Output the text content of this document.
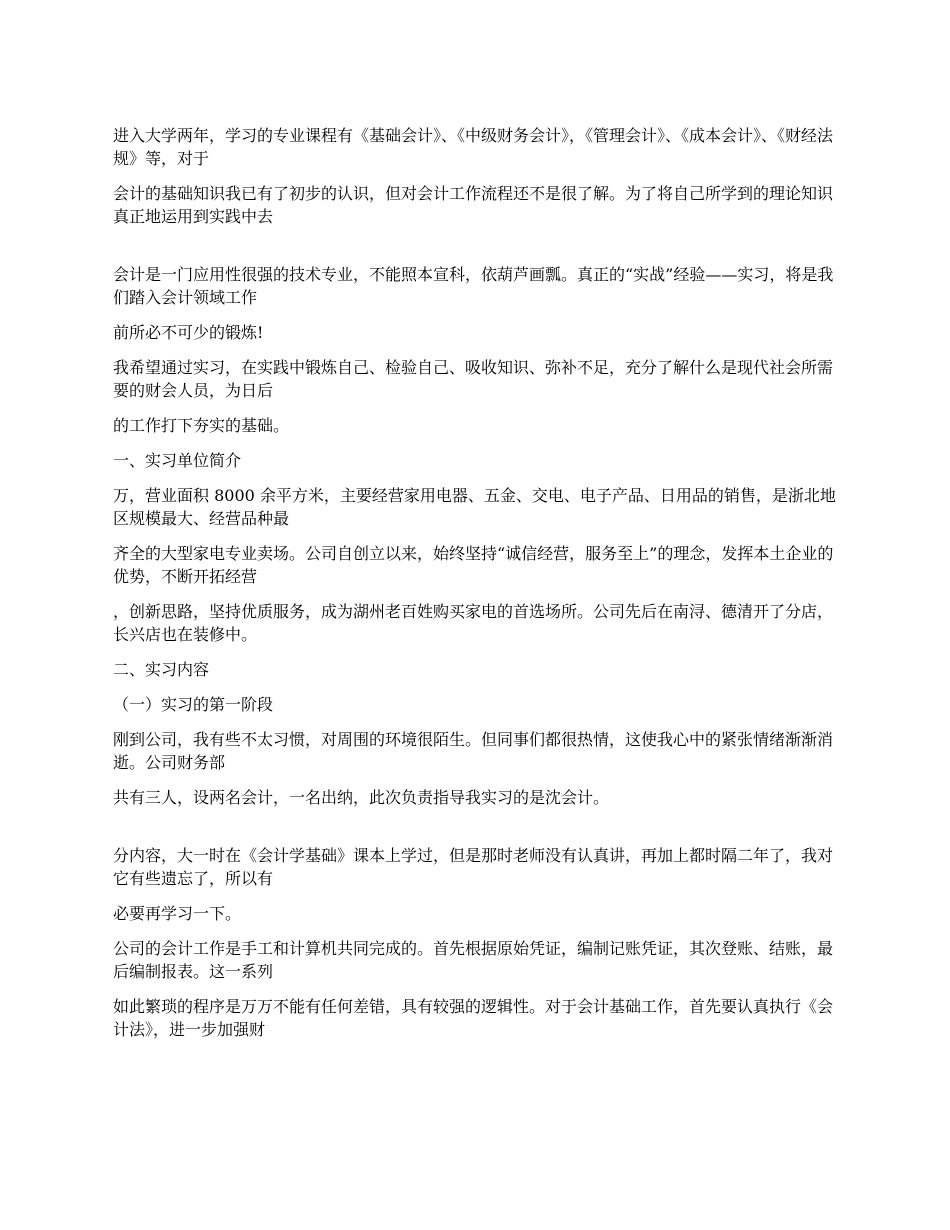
进入大学两年，学习的专业课程有《基础会计》、《中级财务会计》，《管理会计》、《成本会计》、《财经法规》等，对于

会计的基础知识我已有了初步的认识，但对会计工作流程还不是很了解。为了将自己所学到的理论知识真正地运用到实践中去

会计是一门应用性很强的技术专业，不能照本宣科，依葫芦画瓢。真正的“实战”经验——实习，将是我们踏入会计领域工作

前所必不可少的锻炼!

我希望通过实习，在实践中锻炼自己、检验自己、吸收知识、弥补不足，充分了解什么是现代社会所需要的财会人员，为日后

的工作打下夯实的基础。

一、实习单位简介

万，营业面积 8000 余平方米，主要经营家用电器、五金、交电、电子产品、日用品的销售，是浙北地区规模最大、经营品种最

齐全的大型家电专业卖场。公司自创立以来，始终坚持“诚信经营，服务至上”的理念，发挥本土企业的优势，不断开拓经营

，创新思路，坚持优质服务，成为湖州老百姓购买家电的首选场所。公司先后在南浔、德清开了分店，长兴店也在装修中。

二、实习内容

（一）实习的第一阶段

刚到公司，我有些不太习惯，对周围的环境很陌生。但同事们都很热情，这使我心中的紧张情绪渐渐消逝。公司财务部

共有三人，设两名会计，一名出纳，此次负责指导我实习的是沈会计。

分内容，大一时在《会计学基础》课本上学过，但是那时老师没有认真讲，再加上都时隔二年了，我对它有些遗忘了，所以有

必要再学习一下。

公司的会计工作是手工和计算机共同完成的。首先根据原始凭证，编制记账凭证，其次登账、结账，最后编制报表。这一系列

如此繁琐的程序是万万不能有任何差错，具有较强的逻辑性。对于会计基础工作，首先要认真执行《会计法》，进一步加强财
